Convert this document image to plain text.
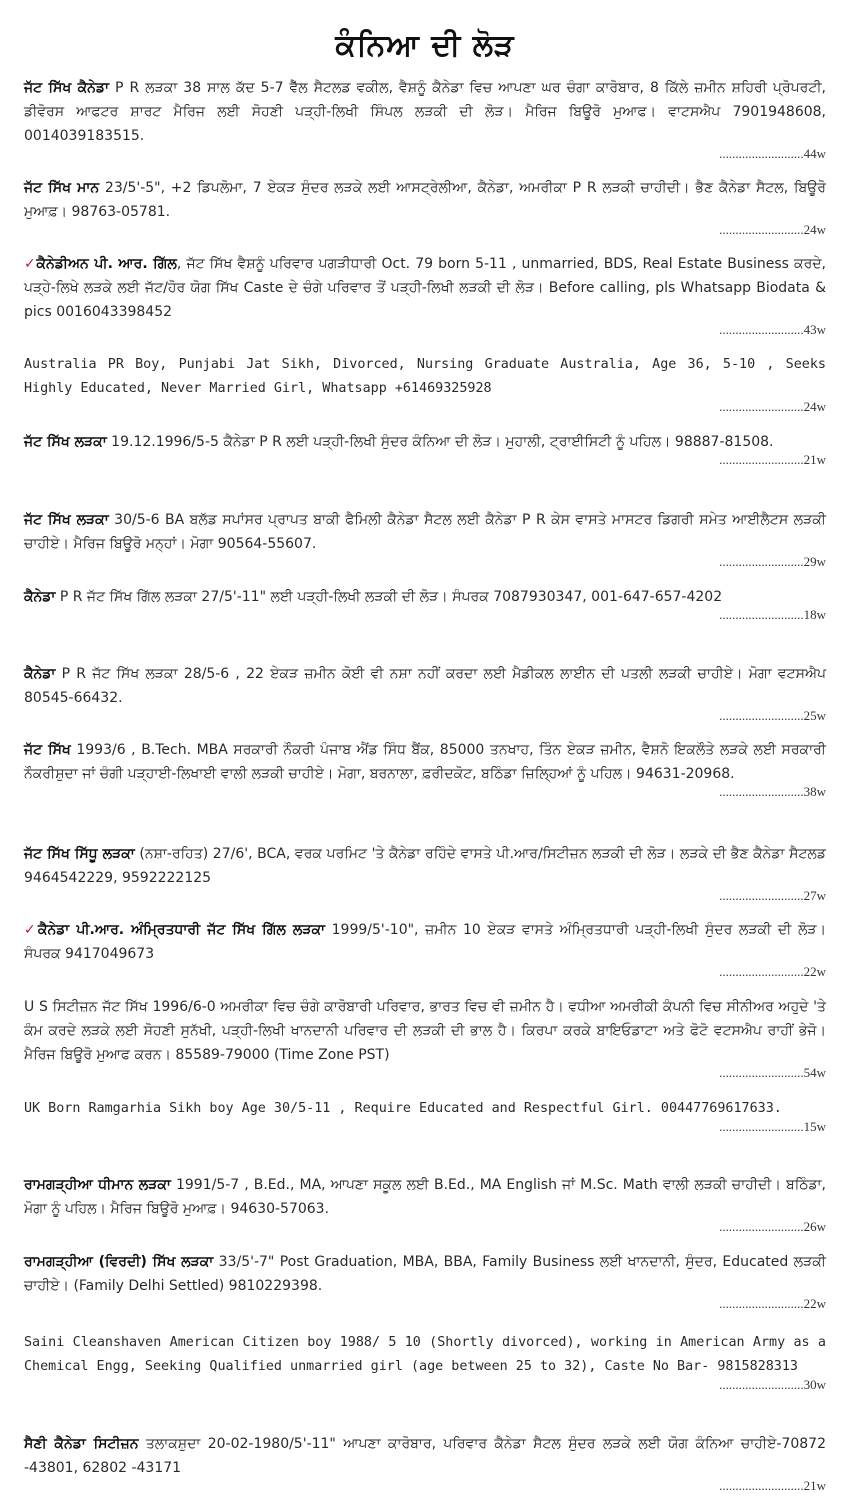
ਕੰਨਿਆ ਦੀ ਲੋੜ
ਜੱਟ ਸਿੱਖ ਕੈਨੇਡਾ P R ਲੜਕਾ 38 ਸਾਲ ਕੱਦ 5-7 ਵੈੱਲ ਸੈਟਲਡ ਵਕੀਲ, ਵੈਸ਼ਨੂੰ ਕੈਨੇਡਾ ਵਿਚ ਆਪਣਾ ਘਰ ਚੰਗਾ ਕਾਰੋਬਾਰ, 8 ਕਿੱਲੇ ਜ਼ਮੀਨ ਸ਼ਹਿਰੀ ਪ੍ਰੋਪਰਟੀ, ਡੀਵੋਰਸ ਆਫਟਰ ਸ਼ਾਰਟ ਮੈਰਿਜ ਲਈ ਸੋਹਣੀ ਪੜ੍ਹੀ-ਲਿਖੀ ਸਿੰਪਲ ਲੜਕੀ ਦੀ ਲੋੜ। ਮੈਰਿਜ ਬਿਊਰੋ ਮੁਆਫ। ਵਾਟਸਐਪ 7901948608, 0014039183515.
..........................44w
ਜੱਟ ਸਿੱਖ ਮਾਨ 23/5'-5", +2 ਡਿਪਲੋਮਾ, 7 ਏਕੜ ਸੁੰਦਰ ਲੜਕੇ ਲਈ ਆਸਟ੍ਰੇਲੀਆ, ਕੈਨੇਡਾ, ਅਮਰੀਕਾ P R ਲੜਕੀ ਚਾਹੀਦੀ। ਭੈਣ ਕੈਨੇਡਾ ਸੈਟਲ, ਬਿਊਰੋ ਮੁਆਫ਼। 98763-05781.
..........................24w
✓ਕੈਨੇਡੀਅਨ ਪੀ. ਆਰ. ਗਿੱਲ, ਜੱਟ ਸਿੱਖ ਵੈਸ਼ਨੂੰ ਪਰਿਵਾਰ ਪਗੜੀਧਾਰੀ Oct. 79 born 5-11 , unmarried, BDS, Real Estate Business ਕਰਦੇ, ਪੜ੍ਹੇ-ਲਿਖੇ ਲੜਕੇ ਲਈ ਜੱਟ/ਹੋਰ ਯੋਗ ਸਿੱਖ Caste ਦੇ ਚੰਗੇ ਪਰਿਵਾਰ ਤੋਂ ਪੜ੍ਹੀ-ਲਿਖੀ ਲੜਕੀ ਦੀ ਲੋੜ। Before calling, pls Whatsapp Biodata & pics 0016043398452
..........................43w
Australia PR Boy, Punjabi Jat Sikh, Divorced, Nursing Graduate Australia, Age 36, 5-10 , Seeks Highly Educated, Never Married Girl, Whatsapp +61469325928
..........................24w
ਜੱਟ ਸਿੱਖ ਲੜਕਾ 19.12.1996/5-5 ਕੈਨੇਡਾ P R ਲਈ ਪੜ੍ਹੀ-ਲਿਖੀ ਸੁੰਦਰ ਕੰਨਿਆ ਦੀ ਲੋੜ। ਮੁਹਾਲੀ, ਟ੍ਰਾਈਸਿਟੀ ਨੂੰ ਪਹਿਲ। 98887-81508.
..........................21w
ਜੱਟ ਸਿੱਖ ਲੜਕਾ 30/5-6 BA ਬਲੱਡ ਸਪਾਂਸਰ ਪ੍ਰਾਪਤ ਬਾਕੀ ਫੈਮਿਲੀ ਕੈਨੇਡਾ ਸੈਟਲ ਲਈ ਕੈਨੇਡਾ P R ਕੇਸ ਵਾਸਤੇ ਮਾਸਟਰ ਡਿਗਰੀ ਸਮੇਤ ਆਈਲੈਟਸ ਲੜਕੀ ਚਾਹੀਏ। ਮੈਰਿਜ ਬਿਊਰੋ ਮਨ੍ਹਾਂ। ਮੋਗਾ 90564-55607.
..........................29w
ਕੈਨੇਡਾ P R ਜੱਟ ਸਿੱਖ ਗਿੱਲ ਲੜਕਾ 27/5'-11" ਲਈ ਪੜ੍ਹੀ-ਲਿਖੀ ਲੜਕੀ ਦੀ ਲੋੜ। ਸੰਪਰਕ 7087930347, 001-647-657-4202
..........................18w
ਕੈਨੇਡਾ P R ਜੱਟ ਸਿੱਖ ਲੜਕਾ 28/5-6 , 22 ਏਕੜ ਜ਼ਮੀਨ ਕੋਈ ਵੀ ਨਸ਼ਾ ਨਹੀਂ ਕਰਦਾ ਲਈ ਮੈਡੀਕਲ ਲਾਈਨ ਦੀ ਪਤਲੀ ਲੜਕੀ ਚਾਹੀਏ। ਮੋਗਾ ਵਟਸਐਪ 80545-66432.
..........................25w
ਜੱਟ ਸਿੱਖ 1993/6 , B.Tech. MBA ਸਰਕਾਰੀ ਨੌਕਰੀ ਪੰਜਾਬ ਐਂਡ ਸਿੰਧ ਬੈਂਕ, 85000 ਤਨਖਾਹ, ਤਿੰਨ ਏਕੜ ਜ਼ਮੀਨ, ਵੈਸ਼ਨੋ ਇਕਲੌਤੇ ਲੜਕੇ ਲਈ ਸਰਕਾਰੀ ਨੌਕਰੀਸ਼ੁਦਾ ਜਾਂ ਚੰਗੀ ਪੜ੍ਹਾਈ-ਲਿਖਾਈ ਵਾਲੀ ਲੜਕੀ ਚਾਹੀਏ। ਮੋਗਾ, ਬਰਨਾਲਾ, ਫ਼ਰੀਦਕੋਟ, ਬਠਿੰਡਾ ਜ਼ਿਲ੍ਹਿਆਂ ਨੂੰ ਪਹਿਲ। 94631-20968.
..........................38w
ਜੱਟ ਸਿੱਖ ਸਿੱਧੂ ਲੜਕਾ (ਨਸ਼ਾ-ਰਹਿਤ) 27/6', BCA, ਵਰਕ ਪਰਮਿਟ 'ਤੇ ਕੈਨੇਡਾ ਰਹਿੰਦੇ ਵਾਸਤੇ ਪੀ.ਆਰ/ਸਿਟੀਜ਼ਨ ਲੜਕੀ ਦੀ ਲੋੜ। ਲੜਕੇ ਦੀ ਭੈਣ ਕੈਨੇਡਾ ਸੈਟਲਡ 9464542229, 9592222125
..........................27w
✓ਕੈਨੇਡਾ ਪੀ.ਆਰ. ਅੰਮ੍ਰਿਤਧਾਰੀ ਜੱਟ ਸਿੱਖ ਗਿੱਲ ਲੜਕਾ 1999/5'-10", ਜ਼ਮੀਨ 10 ਏਕੜ ਵਾਸਤੇ ਅੰਮ੍ਰਿਤਧਾਰੀ ਪੜ੍ਹੀ-ਲਿਖੀ ਸੁੰਦਰ ਲੜਕੀ ਦੀ ਲੋੜ। ਸੰਪਰਕ 9417049673
..........................22w
U S ਸਿਟੀਜ਼ਨ ਜੱਟ ਸਿੱਖ 1996/6-0 ਅਮਰੀਕਾ ਵਿਚ ਚੰਗੇ ਕਾਰੋਬਾਰੀ ਪਰਿਵਾਰ, ਭਾਰਤ ਵਿਚ ਵੀ ਜ਼ਮੀਨ ਹੈ। ਵਧੀਆ ਅਮਰੀਕੀ ਕੰਪਨੀ ਵਿਚ ਸੀਨੀਅਰ ਅਹੁਦੇ 'ਤੇ ਕੰਮ ਕਰਦੇ ਲੜਕੇ ਲਈ ਸੋਹਣੀ ਸੁਨੱਖੀ, ਪੜ੍ਹੀ-ਲਿਖੀ ਖਾਨਦਾਨੀ ਪਰਿਵਾਰ ਦੀ ਲੜਕੀ ਦੀ ਭਾਲ ਹੈ। ਕਿਰਪਾ ਕਰਕੇ ਬਾਇਓਡਾਟਾ ਅਤੇ ਫੋਟੋ ਵਟਸਐਪ ਰਾਹੀਂ ਭੇਜੋ। ਮੈਰਿਜ ਬਿਊਰੋ ਮੁਆਫ ਕਰਨ। 85589-79000 (Time Zone PST)
..........................54w
UK Born Ramgarhia Sikh boy Age 30/5-11 , Require Educated and Respectful Girl. 00447769617633.
..........................15w
ਰਾਮਗੜ੍ਹੀਆ ਧੀਮਾਨ ਲੜਕਾ 1991/5-7 , B.Ed., MA, ਆਪਣਾ ਸਕੂਲ ਲਈ B.Ed., MA English ਜਾਂ M.Sc. Math ਵਾਲੀ ਲੜਕੀ ਚਾਹੀਦੀ। ਬਠਿੰਡਾ, ਮੋਗਾ ਨੂੰ ਪਹਿਲ। ਮੈਰਿਜ ਬਿਊਰੋ ਮੁਆਫ਼। 94630-57063.
..........................26w
ਰਾਮਗੜ੍ਹੀਆ (ਵਿਰਦੀ) ਸਿੱਖ ਲੜਕਾ 33/5'-7" Post Graduation, MBA, BBA, Family Business ਲਈ ਖਾਨਦਾਨੀ, ਸੁੰਦਰ, Educated ਲੜਕੀ ਚਾਹੀਏ। (Family Delhi Settled) 9810229398.
..........................22w
Saini Cleanshaven American Citizen boy 1988/ 5 10 (Shortly divorced), working in American Army as a Chemical Engg, Seeking Qualified unmarried girl (age between 25 to 32), Caste No Bar- 9815828313
..........................30w
ਸੈਣੀ ਕੈਨੇਡਾ ਸਿਟੀਜ਼ਨ ਤਲਾਕਸ਼ੁਦਾ 20-02-1980/5'-11" ਆਪਣਾ ਕਾਰੋਬਾਰ, ਪਰਿਵਾਰ ਕੈਨੇਡਾ ਸੈਟਲ ਸੁੰਦਰ ਲੜਕੇ ਲਈ ਯੋਗ ਕੰਨਿਆ ਚਾਹੀਏ-70872 -43801, 62802 -43171
..........................21w
